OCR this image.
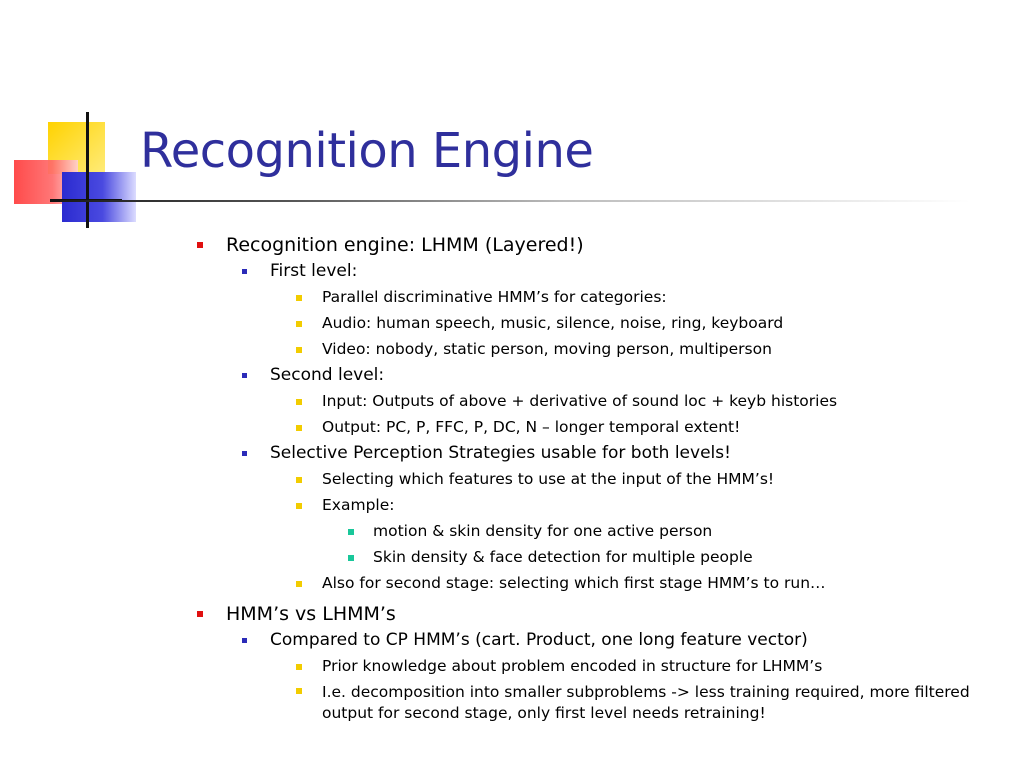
Recognition Engine
Recognition engine: LHMM (Layered!)
First level:
Parallel discriminative HMM’s for categories:
Audio: human speech, music, silence, noise, ring, keyboard
Video: nobody, static person, moving person, multiperson
Second level:
Input: Outputs of above + derivative of sound loc + keyb histories
Output: PC, P, FFC, P, DC, N – longer temporal extent!
Selective Perception Strategies usable for both levels!
Selecting which features to use at the input of the HMM’s!
Example:
motion & skin density for one active person
Skin density & face detection for multiple people
Also for second stage: selecting which first stage HMM’s to run…
HMM’s vs LHMM’s
Compared to CP HMM’s (cart. Product, one long feature vector)
Prior knowledge about problem encoded in structure for LHMM’s
I.e. decomposition into smaller subproblems -> less training required, more filtered output for second stage, only first level needs retraining!
